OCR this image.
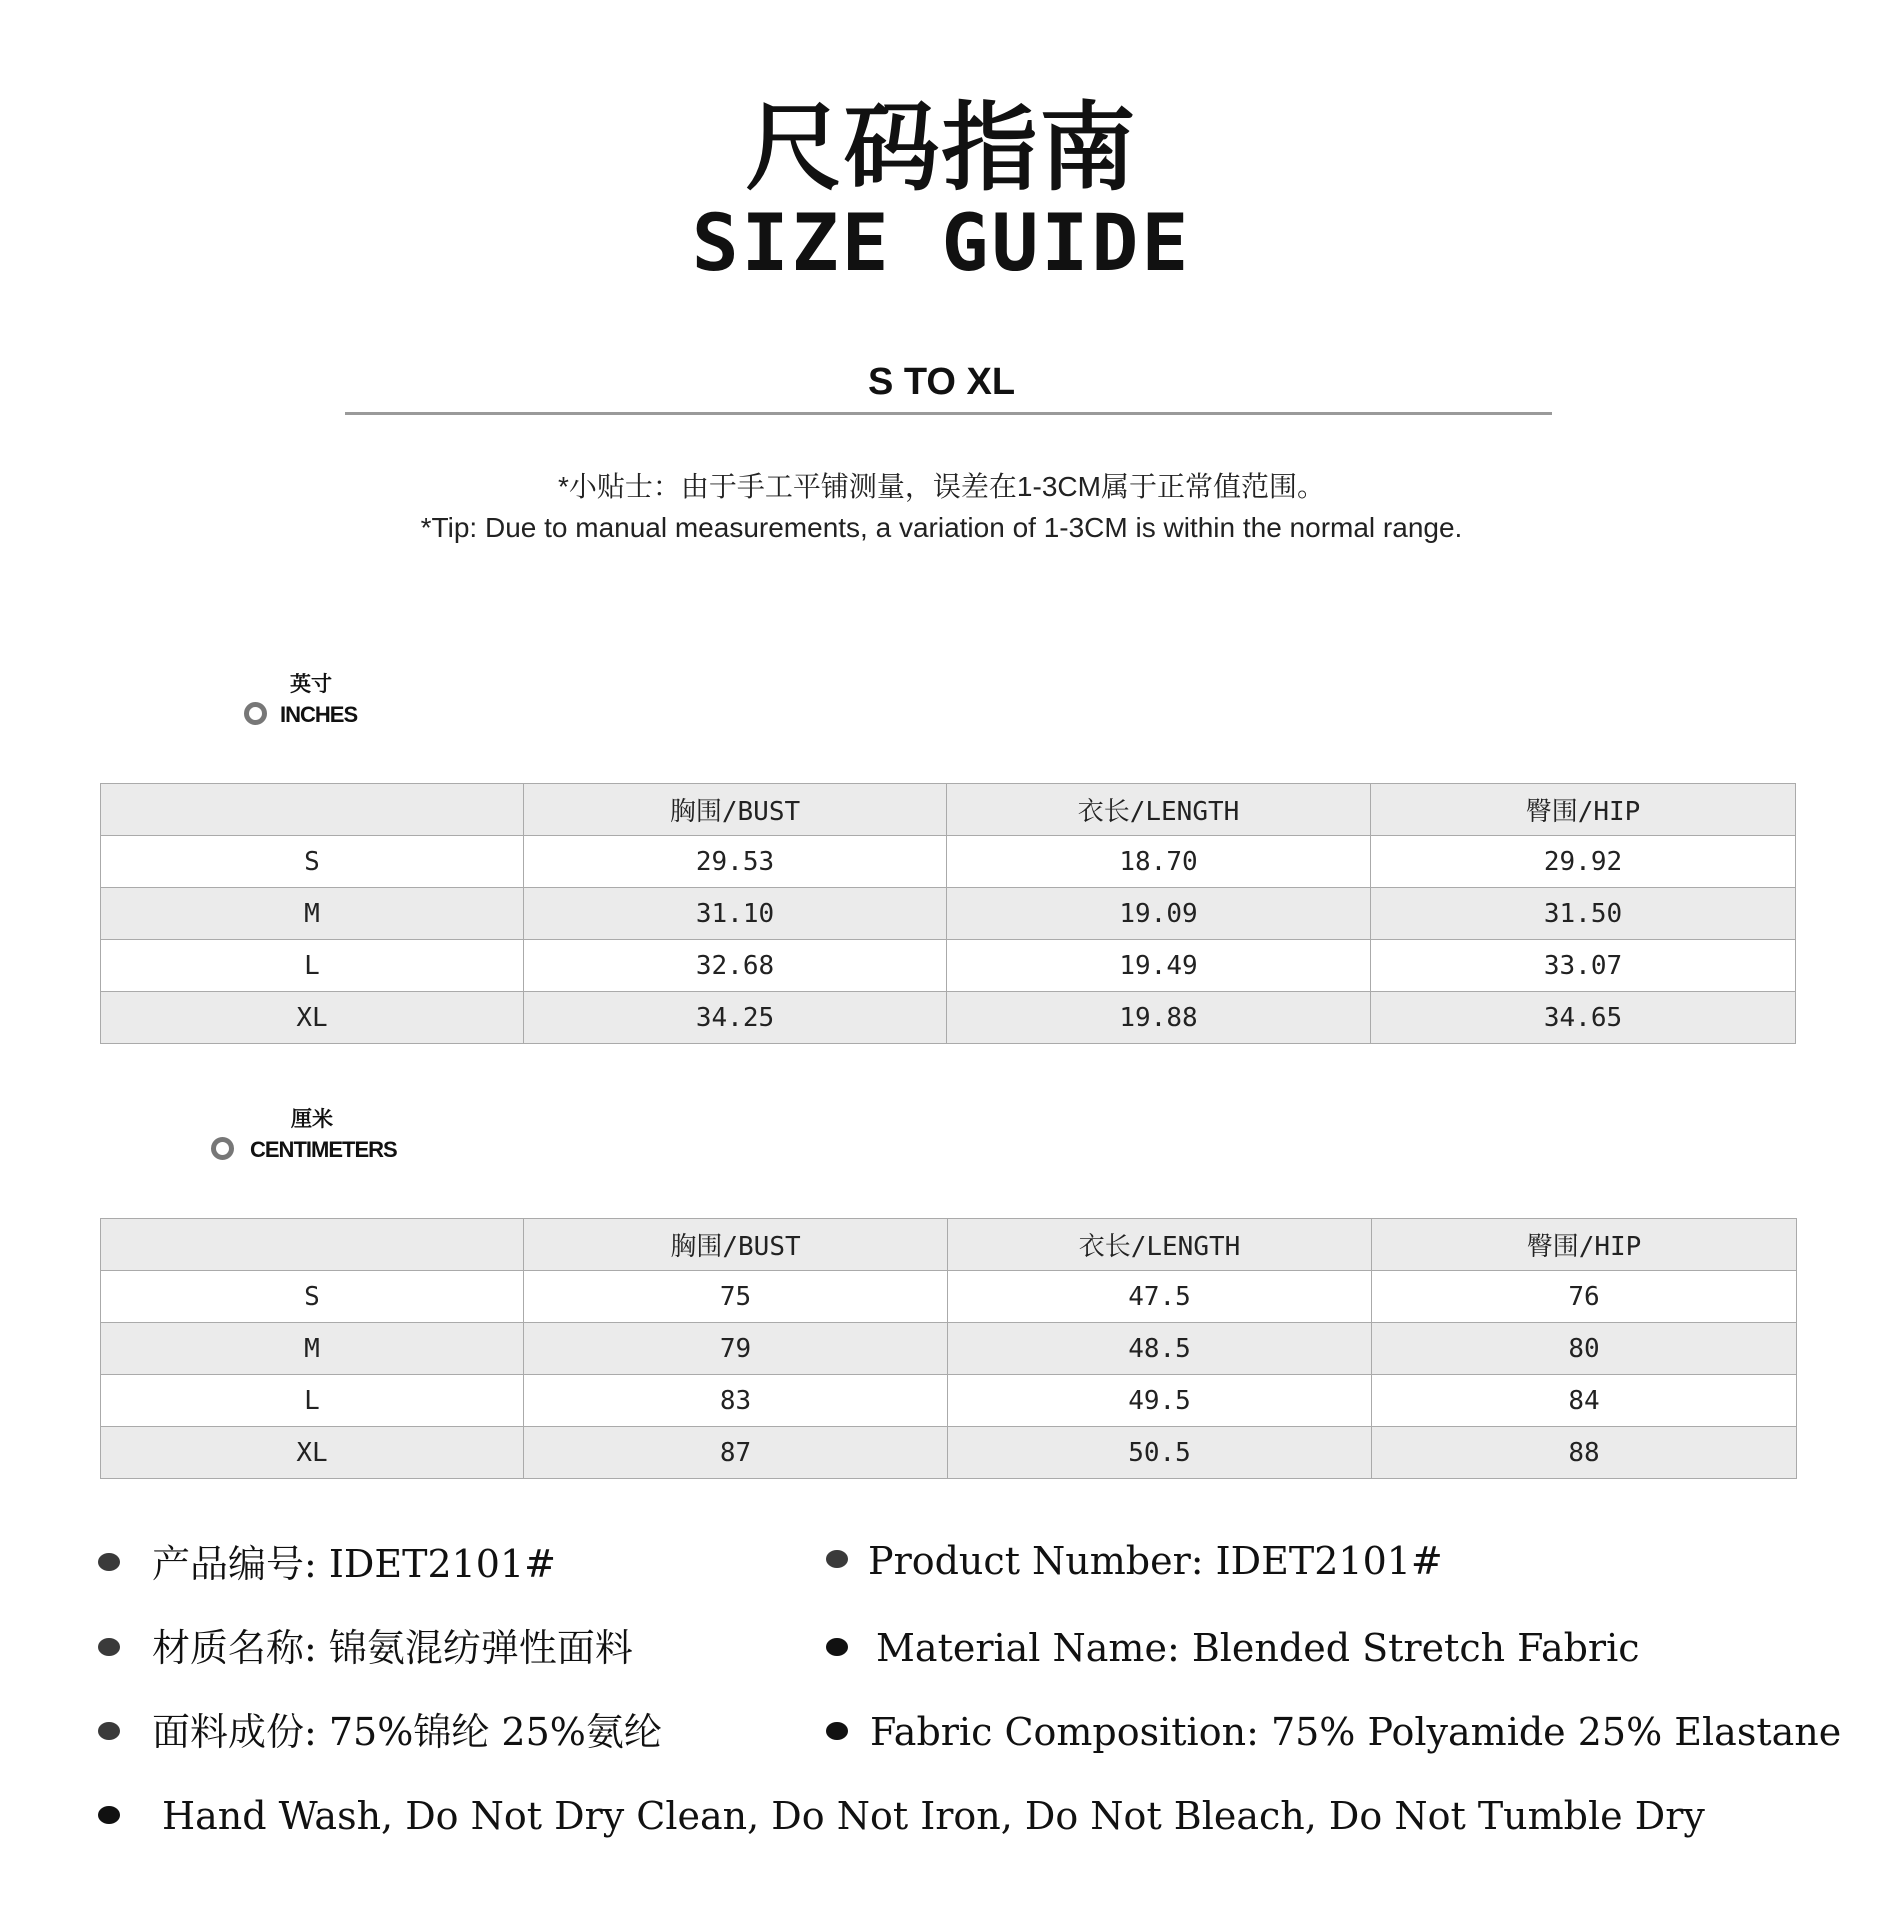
尺码指南
SIZE GUIDE
S TO XL
*小贴士：由于手工平铺测量，误差在1-3CM属于正常值范围。
*Tip: Due to manual measurements, a variation of 1-3CM is within the normal range.
英寸
INCHES
	胸围/BUST	衣长/LENGTH	臀围/HIP
S	29.53	18.70	29.92
M	31.10	19.09	31.50
L	32.68	19.49	33.07
XL	34.25	19.88	34.65
厘米
CENTIMETERS
	胸围/BUST	衣长/LENGTH	臀围/HIP
S	75	47.5	76
M	79	48.5	80
L	83	49.5	84
XL	87	50.5	88
产品编号: IDET2101#	Product Number: IDET2101#
材质名称: 锦氨混纺弹性面料	Material Name: Blended Stretch Fabric
面料成份: 75%锦纶 25%氨纶	Fabric Composition: 75% Polyamide 25% Elastane
Hand Wash, Do Not Dry Clean, Do Not Iron, Do Not Bleach, Do Not Tumble Dry
